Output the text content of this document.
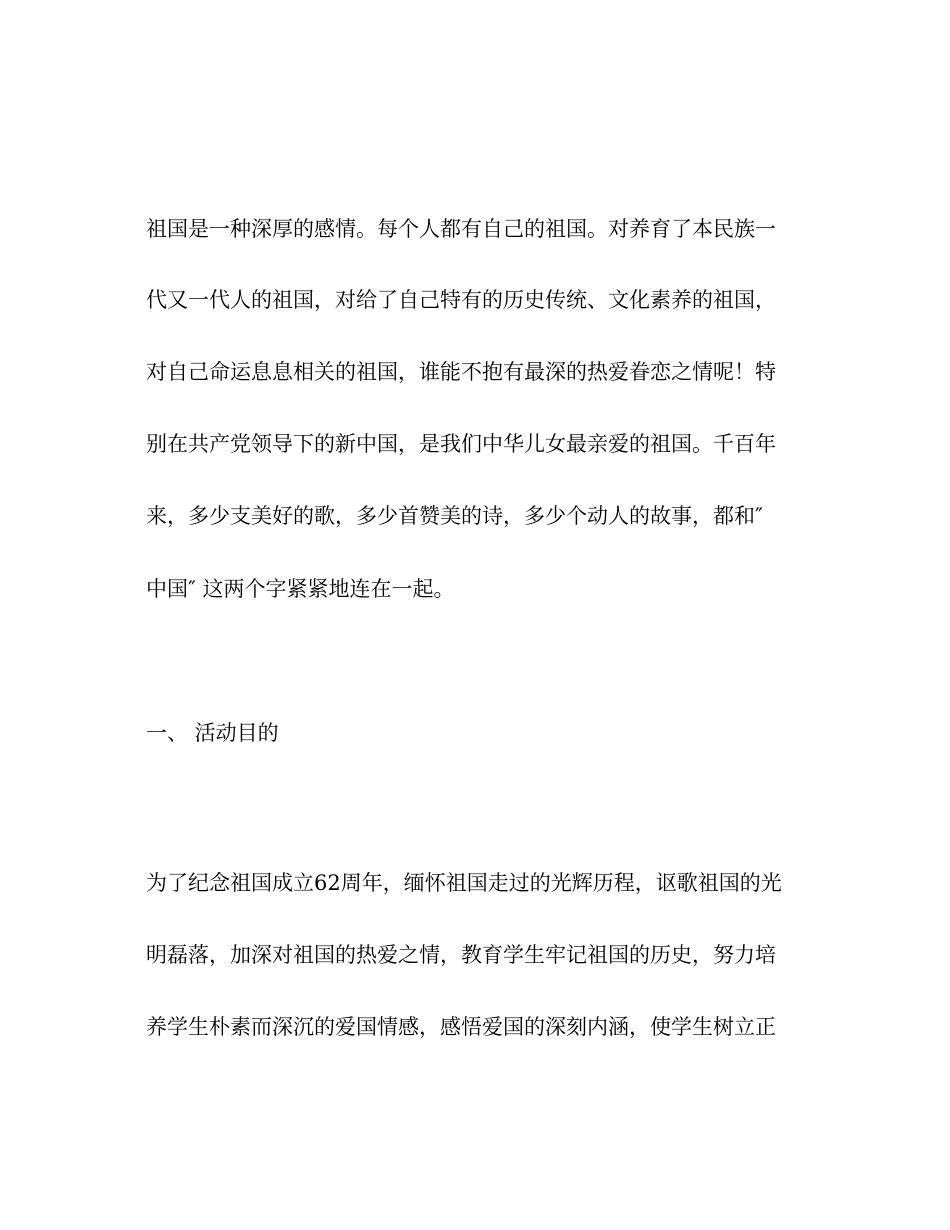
祖国是一种深厚的感情。每个人都有自己的祖国。对养育了本民族一
代又一代人的祖国，对给了自己特有的历史传统、文化素养的祖国，
对自己命运息息相关的祖国，谁能不抱有最深的热爱眷恋之情呢！特
别在共产党领导下的新中国，是我们中华儿女最亲爱的祖国。千百年
来，多少支美好的歌，多少首赞美的诗，多少个动人的故事，都和″
中国″ 这两个字紧紧地连在一起。
一、 活动目的
为了纪念祖国成立62周年，缅怀祖国走过的光辉历程，讴歌祖国的光
明磊落，加深对祖国的热爱之情，教育学生牢记祖国的历史，努力培
养学生朴素而深沉的爱国情感，感悟爱国的深刻内涵，使学生树立正
